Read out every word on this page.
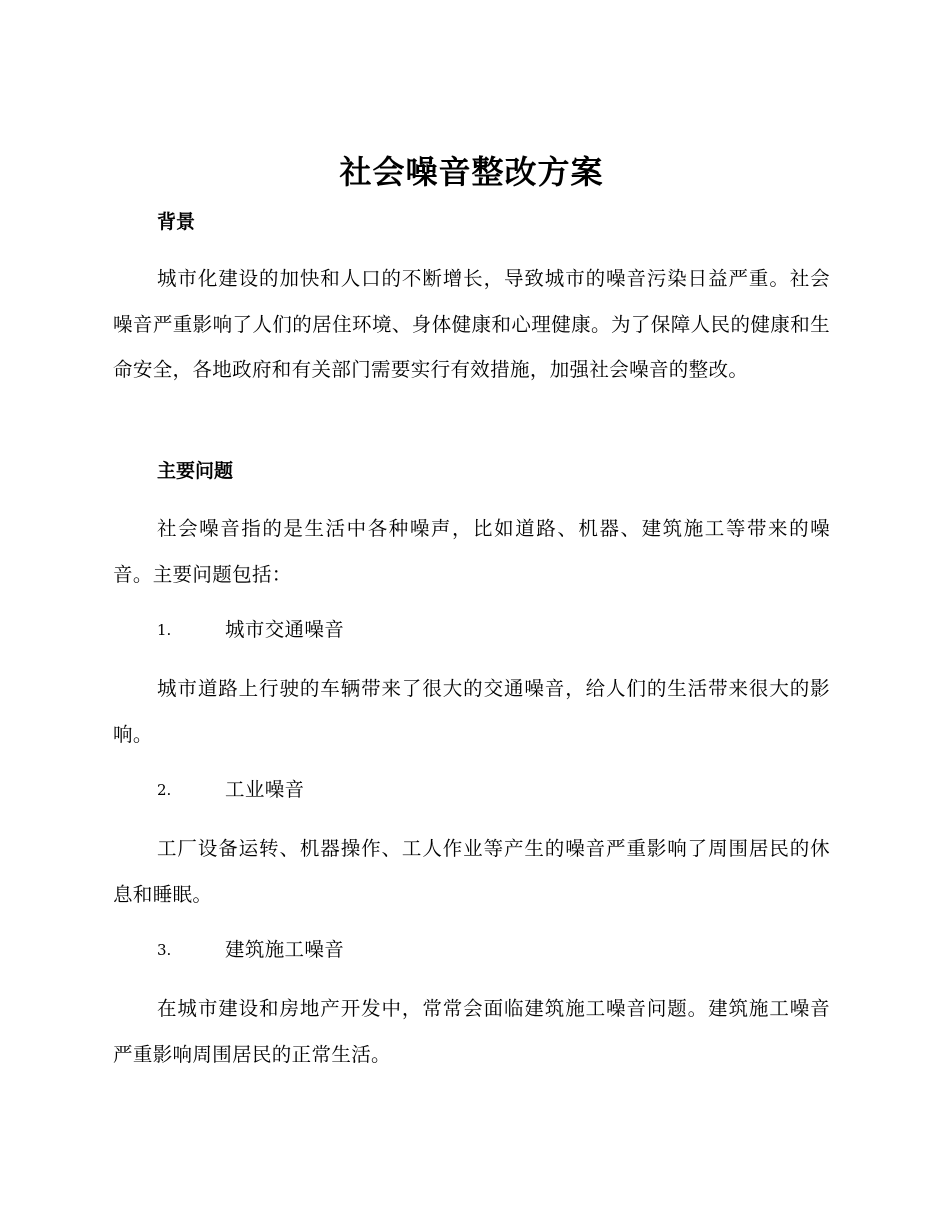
社会噪音整改方案
背景

城市化建设的加快和人口的不断增长，导致城市的噪音污染日益严重。社会噪音严重影响了人们的居住环境、身体健康和心理健康。为了保障人民的健康和生命安全，各地政府和有关部门需要实行有效措施，加强社会噪音的整改。

主要问题

社会噪音指的是生活中各种噪声，比如道路、机器、建筑施工等带来的噪音。主要问题包括：

1.	城市交通噪音

城市道路上行驶的车辆带来了很大的交通噪音，给人们的生活带来很大的影响。

2.	工业噪音

工厂设备运转、机器操作、工人作业等产生的噪音严重影响了周围居民的休息和睡眠。

3.	建筑施工噪音

在城市建设和房地产开发中，常常会面临建筑施工噪音问题。建筑施工噪音严重影响周围居民的正常生活。
